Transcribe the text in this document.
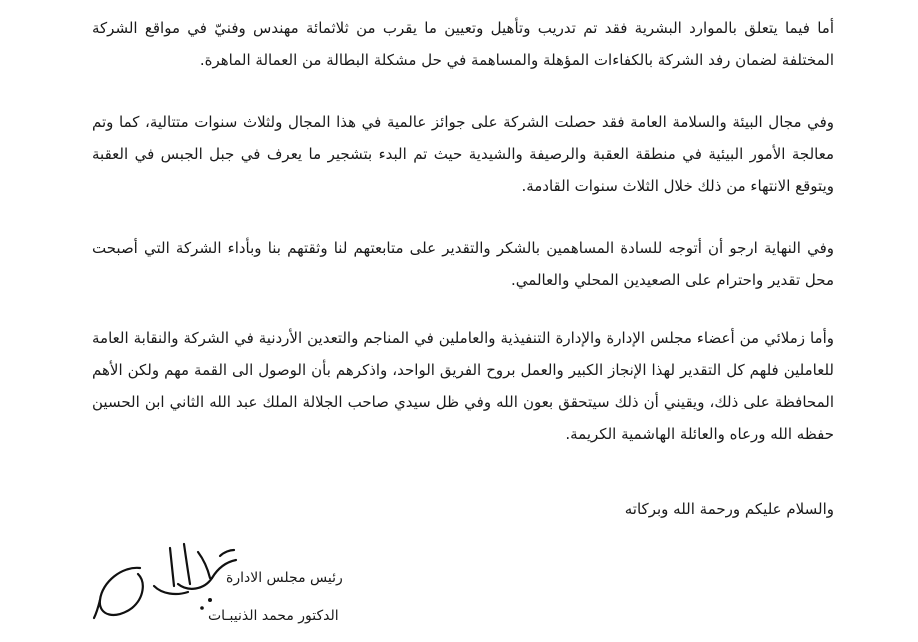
أما فيما يتعلق بالموارد البشرية فقد تم تدريب وتأهيل وتعيين ما يقرب من ثلاثمائة مهندس وفنيّ في مواقع الشركة المختلفة لضمان رفد الشركة بالكفاءات المؤهلة والمساهمة في حل مشكلة البطالة من العمالة الماهرة.

وفي مجال البيئة والسلامة العامة فقد حصلت الشركة على جوائز عالمية في هذا المجال ولثلاث سنوات متتالية، كما وتم معالجة الأمور البيئية في منطقة العقبة والرصيفة والشيدية حيث تم البدء بتشجير ما يعرف في جبل الجبس في العقبة ويتوقع الانتهاء من ذلك خلال الثلاث سنوات القادمة.

وفي النهاية ارجو أن أتوجه للسادة المساهمين بالشكر والتقدير على متابعتهم لنا وثقتهم بنا وبأداء الشركة التي أصبحت محل تقدير واحترام على الصعيدين المحلي والعالمي.

وأما زملائي من أعضاء مجلس الإدارة والإدارة التنفيذية والعاملين في المناجم والتعدين الأردنية في الشركة والنقابة العامة للعاملين فلهم كل التقدير لهذا الإنجاز الكبير والعمل بروح الفريق الواحد، واذكرهم بأن الوصول الى القمة مهم ولكن الأهم المحافظة على ذلك، ويقيني أن ذلك سيتحقق بعون الله وفي ظل سيدي صاحب الجلالة الملك عبد الله الثاني ابن الحسين حفظه الله ورعاه والعائلة الهاشمية الكريمة.

والسلام عليكم ورحمة الله وبركاته
رئيس مجلس الادارة
الدكتور محمد الذنيبـات
